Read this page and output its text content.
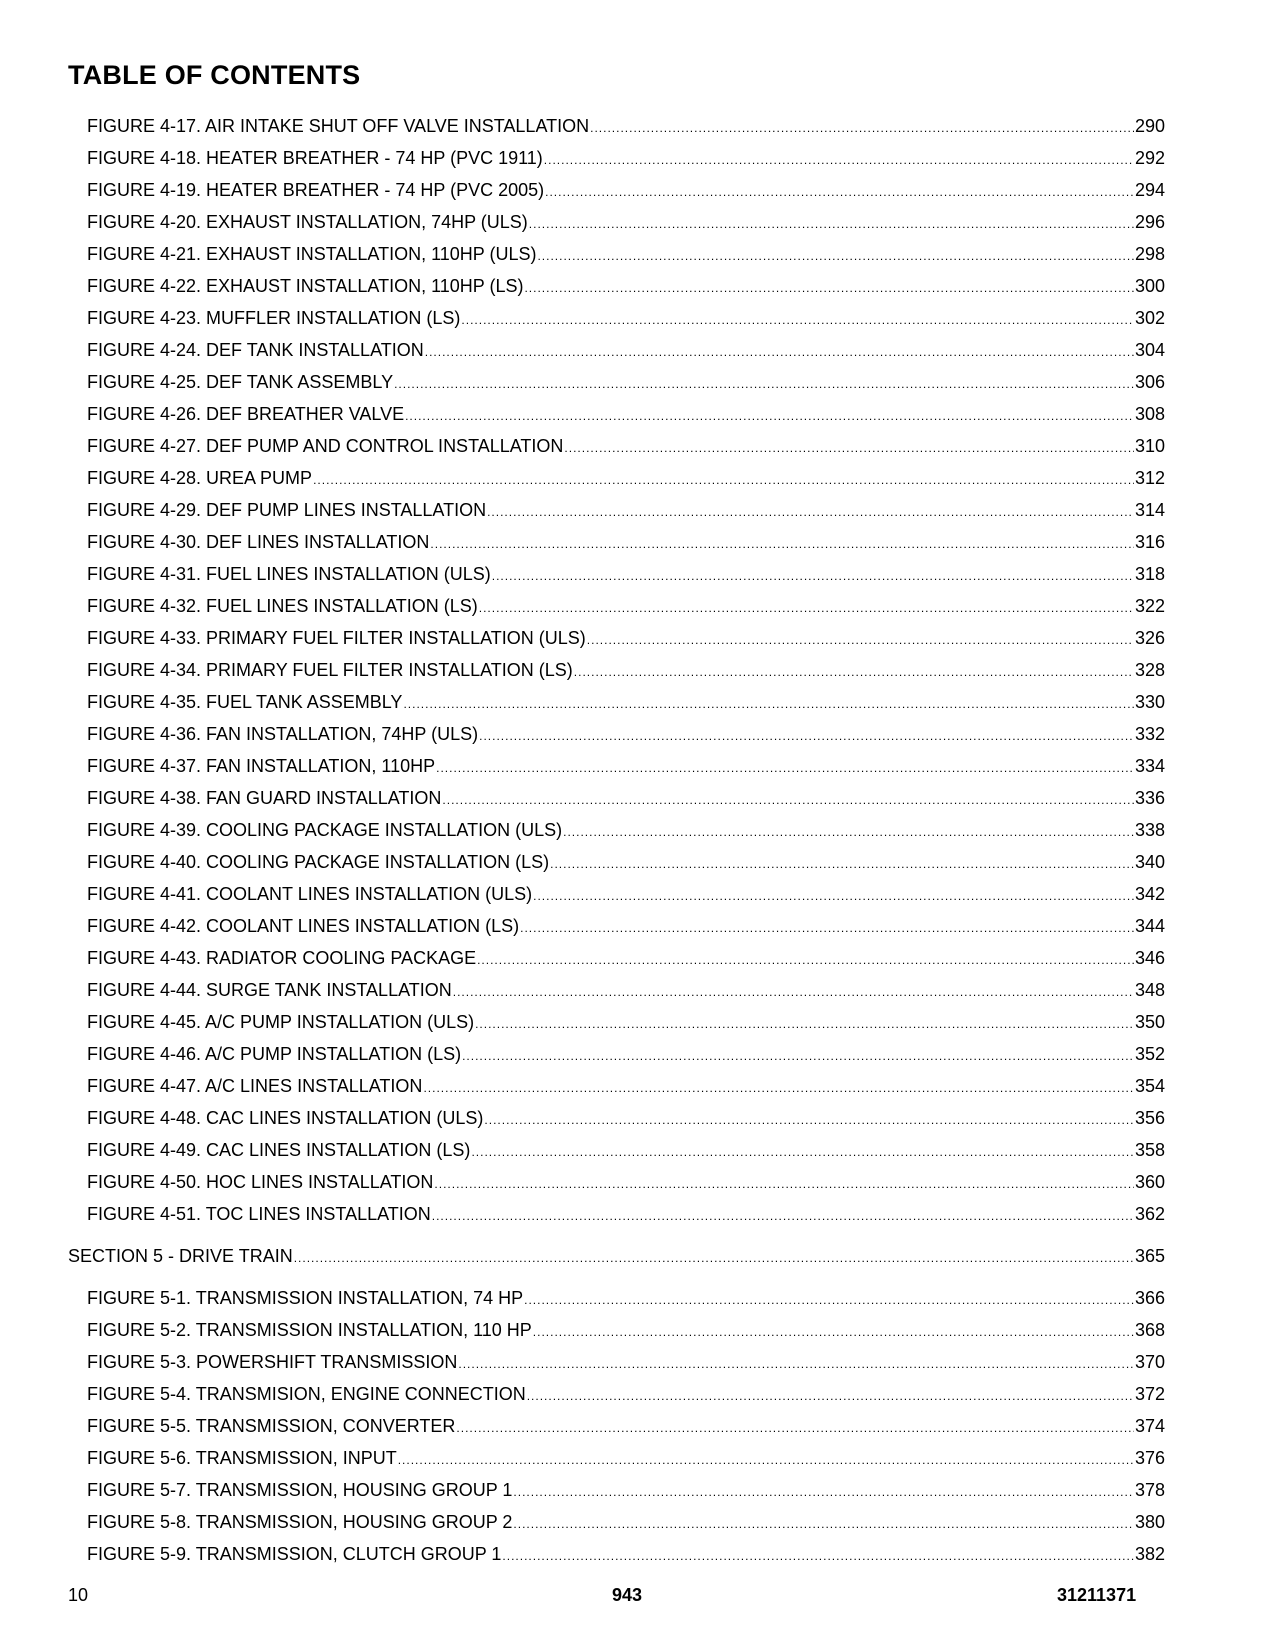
TABLE OF CONTENTS
FIGURE 4-17. AIR INTAKE SHUT OFF VALVE INSTALLATION .....	290
FIGURE 4-18. HEATER BREATHER - 74 HP (PVC 1911) .....	292
FIGURE 4-19. HEATER BREATHER - 74 HP (PVC 2005) .....	294
FIGURE 4-20. EXHAUST INSTALLATION, 74HP (ULS) .....	296
FIGURE 4-21. EXHAUST INSTALLATION, 110HP (ULS) .....	298
FIGURE 4-22. EXHAUST INSTALLATION, 110HP (LS) .....	300
FIGURE 4-23. MUFFLER INSTALLATION (LS) .....	302
FIGURE 4-24. DEF TANK INSTALLATION .....	304
FIGURE 4-25. DEF TANK ASSEMBLY .....	306
FIGURE 4-26. DEF BREATHER VALVE .....	308
FIGURE 4-27. DEF PUMP AND CONTROL INSTALLATION .....	310
FIGURE 4-28. UREA PUMP .....	312
FIGURE 4-29. DEF PUMP LINES INSTALLATION .....	314
FIGURE 4-30. DEF LINES INSTALLATION .....	316
FIGURE 4-31. FUEL LINES INSTALLATION (ULS) .....	318
FIGURE 4-32. FUEL LINES INSTALLATION (LS) .....	322
FIGURE 4-33. PRIMARY FUEL FILTER INSTALLATION (ULS) .....	326
FIGURE 4-34. PRIMARY FUEL FILTER INSTALLATION (LS) .....	328
FIGURE 4-35. FUEL TANK ASSEMBLY .....	330
FIGURE 4-36. FAN INSTALLATION, 74HP (ULS) .....	332
FIGURE 4-37. FAN INSTALLATION, 110HP .....	334
FIGURE 4-38. FAN GUARD INSTALLATION .....	336
FIGURE 4-39. COOLING PACKAGE INSTALLATION (ULS) .....	338
FIGURE 4-40. COOLING PACKAGE INSTALLATION (LS) .....	340
FIGURE 4-41. COOLANT LINES INSTALLATION (ULS) .....	342
FIGURE 4-42. COOLANT LINES INSTALLATION (LS) .....	344
FIGURE 4-43. RADIATOR COOLING PACKAGE .....	346
FIGURE 4-44. SURGE TANK INSTALLATION .....	348
FIGURE 4-45. A/C PUMP INSTALLATION (ULS) .....	350
FIGURE 4-46. A/C PUMP INSTALLATION (LS) .....	352
FIGURE 4-47. A/C LINES INSTALLATION .....	354
FIGURE 4-48. CAC LINES INSTALLATION (ULS) .....	356
FIGURE 4-49. CAC LINES INSTALLATION (LS) .....	358
FIGURE 4-50. HOC LINES INSTALLATION .....	360
FIGURE 4-51. TOC LINES INSTALLATION .....	362
SECTION 5 - DRIVE TRAIN .....	365
FIGURE 5-1. TRANSMISSION INSTALLATION, 74 HP .....	366
FIGURE 5-2. TRANSMISSION INSTALLATION, 110 HP .....	368
FIGURE 5-3. POWERSHIFT TRANSMISSION .....	370
FIGURE 5-4. TRANSMISION, ENGINE CONNECTION .....	372
FIGURE 5-5. TRANSMISSION, CONVERTER .....	374
FIGURE 5-6. TRANSMISSION, INPUT .....	376
FIGURE 5-7. TRANSMISSION, HOUSING GROUP 1 .....	378
FIGURE 5-8. TRANSMISSION, HOUSING GROUP 2 .....	380
FIGURE 5-9. TRANSMISSION, CLUTCH GROUP 1 .....	382
10	943	31211371
